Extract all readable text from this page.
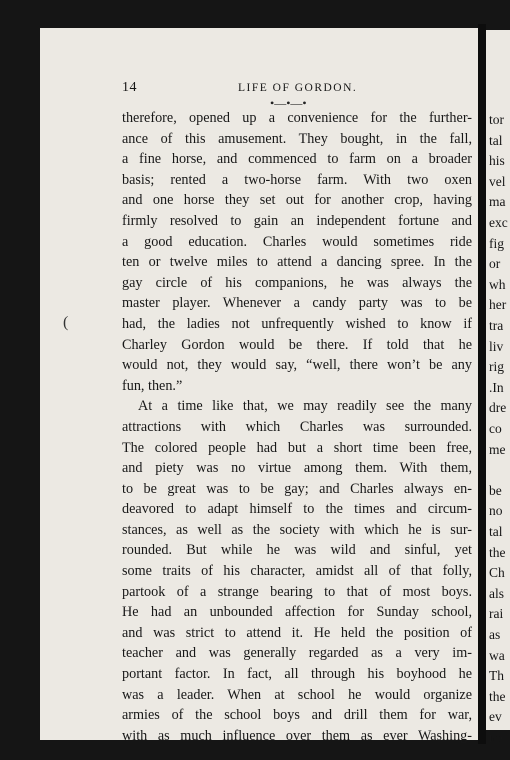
tor
tal
his
vel
ma
exc
fig
or
wh
her
tra
liv
rig
.In
dre
co
me
be
no
tal
the
Ch
als
rai
as
wa
Th
the
ev
no
14	LIFE OF GORDON.
•—•—•
(
therefore, opened up a convenience for the further-
ance of this amusement. They bought, in the fall,
a fine horse, and commenced to farm on a broader
basis; rented a two-horse farm. With two oxen
and one horse they set out for another crop, having
firmly resolved to gain an independent fortune and
a good education. Charles would sometimes ride
ten or twelve miles to attend a dancing spree. In the
gay circle of his companions, he was always the
master player. Whenever a candy party was to be
had, the ladies not unfrequently wished to know if
Charley Gordon would be there. If told that he
would not, they would say, “well, there won’t be any
fun, then.”
At a time like that, we may readily see the many
attractions with which Charles was surrounded.
The colored people had but a short time been free,
and piety was no virtue among them. With them,
to be great was to be gay; and Charles always en-
deavored to adapt himself to the times and circum-
stances, as well as the society with which he is sur-
rounded. But while he was wild and sinful, yet
some traits of his character, amidst all of that folly,
partook of a strange bearing to that of most boys.
He had an unbounded affection for Sunday school,
and was strict to attend it. He held the position of
teacher and was generally regarded as a very im-
portant factor. In fact, all through his boyhood he
was a leader. When at school he would organize
armies of the school boys and drill them for war,
with as much influence over them as ever Washing-
